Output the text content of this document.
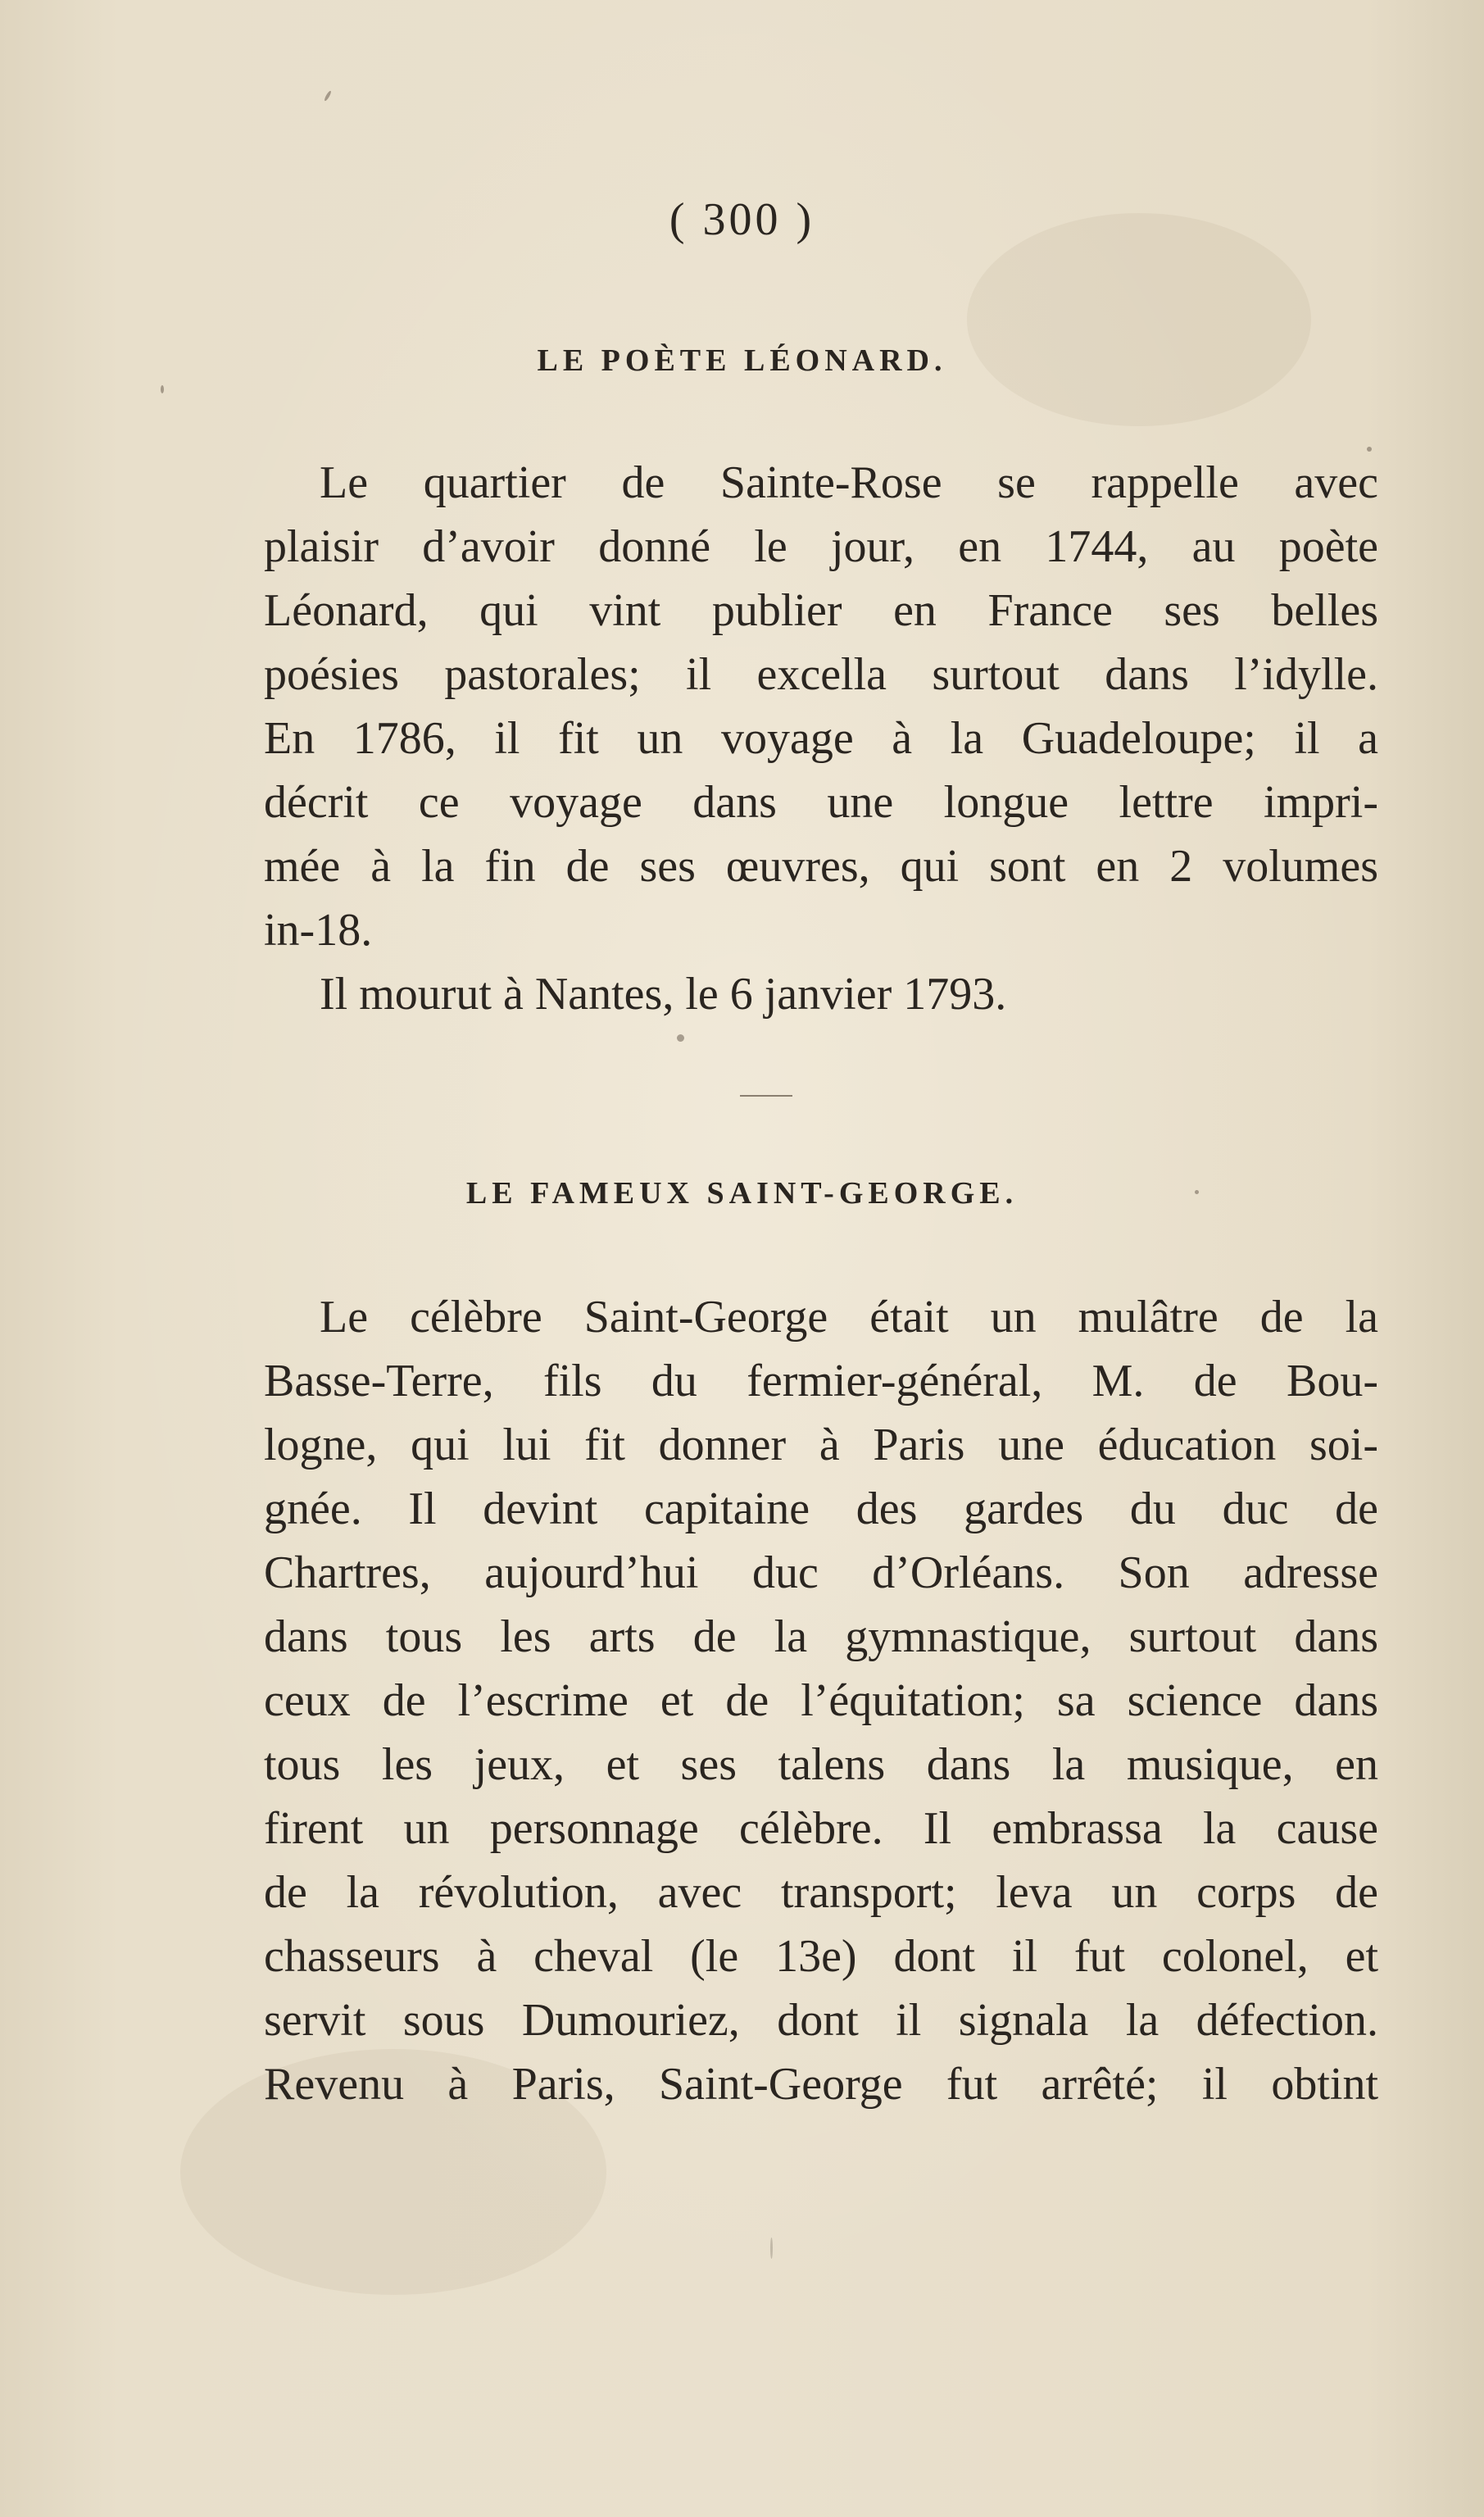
( 300 )
LE POÈTE LÉONARD.
Le quartier de Sainte-Rose se rappelle avec
plaisir d’avoir donné le jour, en 1744, au poète
Léonard, qui vint publier en France ses belles
poésies pastorales; il excella surtout dans l’idylle.
En 1786, il fit un voyage à la Guadeloupe; il a
décrit ce voyage dans une longue lettre impri-
mée à la fin de ses œuvres, qui sont en 2 volumes
in-18.
Il mourut à Nantes, le 6 janvier 1793.
LE FAMEUX SAINT-GEORGE.
Le célèbre Saint-George était un mulâtre de la
Basse-Terre, fils du fermier-général, M. de Bou-
logne, qui lui fit donner à Paris une éducation soi-
gnée. Il devint capitaine des gardes du duc de
Chartres, aujourd’hui duc d’Orléans. Son adresse
dans tous les arts de la gymnastique, surtout dans
ceux de l’escrime et de l’équitation; sa science dans
tous les jeux, et ses talens dans la musique, en
firent un personnage célèbre. Il embrassa la cause
de la révolution, avec transport; leva un corps de
chasseurs à cheval (le 13e) dont il fut colonel, et
servit sous Dumouriez, dont il signala la défection.
Revenu à Paris, Saint-George fut arrêté; il obtint
